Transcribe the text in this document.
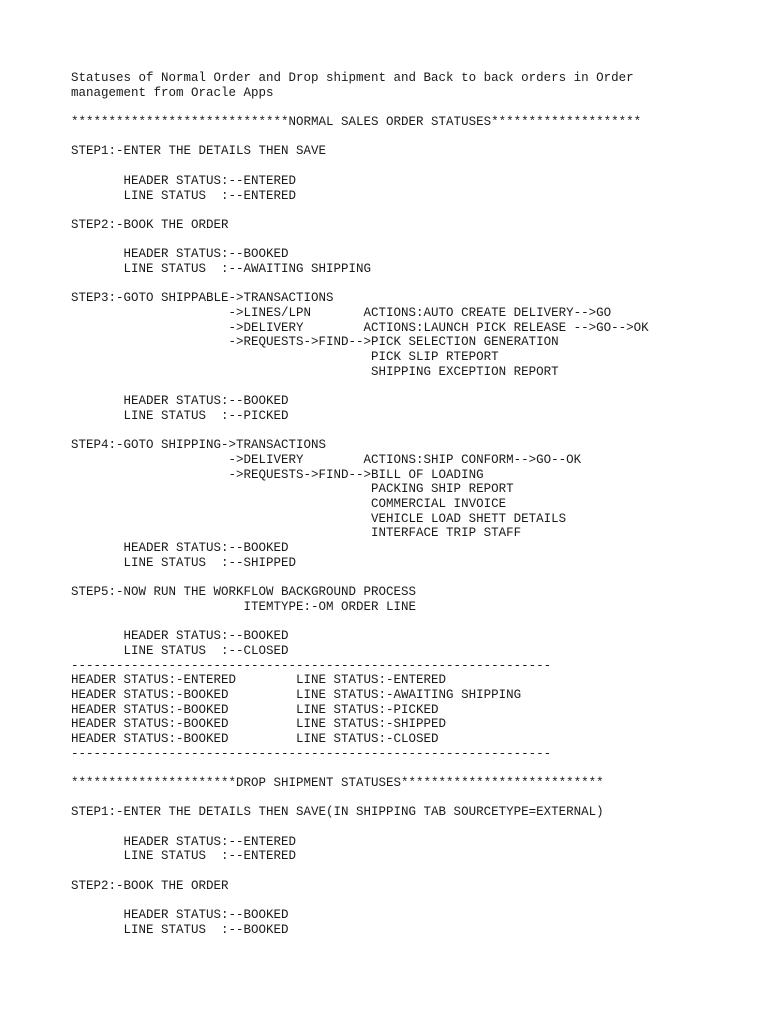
Statuses of Normal Order and Drop shipment and Back to back orders in Order
management from Oracle Apps
*****************************NORMAL SALES ORDER STATUSES********************
STEP1:-ENTER THE DETAILS THEN SAVE
HEADER STATUS:--ENTERED
LINE STATUS  :--ENTERED
STEP2:-BOOK THE ORDER
HEADER STATUS:--BOOKED
LINE STATUS  :--AWAITING SHIPPING
STEP3:-GOTO SHIPPABLE->TRANSACTIONS
->LINES/LPN       ACTIONS:AUTO CREATE DELIVERY-->GO
->DELIVERY        ACTIONS:LAUNCH PICK RELEASE -->GO-->OK
->REQUESTS->FIND-->PICK SELECTION GENERATION
PICK SLIP RTEPORT
SHIPPING EXCEPTION REPORT
HEADER STATUS:--BOOKED
LINE STATUS  :--PICKED
STEP4:-GOTO SHIPPING->TRANSACTIONS
->DELIVERY        ACTIONS:SHIP CONFORM-->GO--OK
->REQUESTS->FIND-->BILL OF LOADING
PACKING SHIP REPORT
COMMERCIAL INVOICE
VEHICLE LOAD SHETT DETAILS
INTERFACE TRIP STAFF
HEADER STATUS:--BOOKED
LINE STATUS  :--SHIPPED
STEP5:-NOW RUN THE WORKFLOW BACKGROUND PROCESS
ITEMTYPE:-OM ORDER LINE
HEADER STATUS:--BOOKED
LINE STATUS  :--CLOSED
----------------------------------------------------------------
HEADER STATUS:-ENTERED        LINE STATUS:-ENTERED
HEADER STATUS:-BOOKED         LINE STATUS:-AWAITING SHIPPING
HEADER STATUS:-BOOKED         LINE STATUS:-PICKED
HEADER STATUS:-BOOKED         LINE STATUS:-SHIPPED
HEADER STATUS:-BOOKED         LINE STATUS:-CLOSED
----------------------------------------------------------------
**********************DROP SHIPMENT STATUSES***************************
STEP1:-ENTER THE DETAILS THEN SAVE(IN SHIPPING TAB SOURCETYPE=EXTERNAL)
HEADER STATUS:--ENTERED
LINE STATUS  :--ENTERED
STEP2:-BOOK THE ORDER
HEADER STATUS:--BOOKED
LINE STATUS  :--BOOKED
